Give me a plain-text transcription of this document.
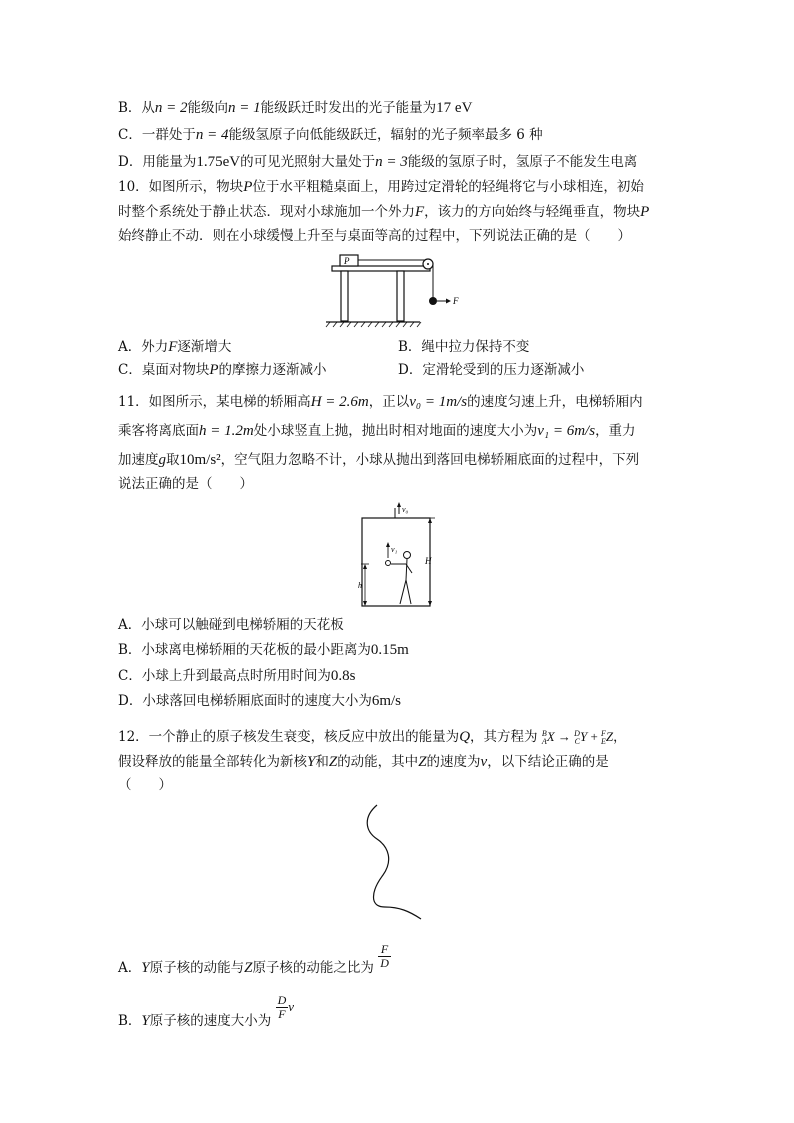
B．从n = 2能级向n = 1能级跃迁时发出的光子能量为17 eV
C．一群处于n = 4能级氢原子向低能级跃迁，辐射的光子频率最多 6 种
D．用能量为1.75eV的可见光照射大量处于n = 3能级的氢原子时，氢原子不能发生电离
10．如图所示，物块P位于水平粗糙桌面上，用跨过定滑轮的轻绳将它与小球相连，初始
时整个系统处于静止状态．现对小球施加一个外力F，该力的方向始终与轻绳垂直，物块P
始终静止不动．则在小球缓慢上升至与桌面等高的过程中，下列说法正确的是（　　）
P
F
A．外力F逐渐增大	B．绳中拉力保持不变
C．桌面对物块P的摩擦力逐渐减小	D．定滑轮受到的压力逐渐减小
11．如图所示，某电梯的轿厢高H = 2.6m，正以v₀ = 1m/s的速度匀速上升，电梯轿厢内
乘客将离底面h = 1.2m处小球竖直上抛，抛出时相对地面的速度大小为v₁ = 6m/s，重力
加速度g取10m/s²，空气阻力忽略不计，小球从抛出到落回电梯轿厢底面的过程中，下列
说法正确的是（　　）
v₀
H
h
v₁
A．小球可以触碰到电梯轿厢的天花板
B．小球离电梯轿厢的天花板的最小距离为0.15m
C．小球上升到最高点时所用时间为0.8s
D．小球落回电梯轿厢底面时的速度大小为6m/s
12．一个静止的原子核发生衰变，核反应中放出的能量为Q，其方程为 B
A X → D
C Y + F
E Z，
假设释放的能量全部转化为新核Y和Z的动能，其中Z的速度为v，以下结论正确的是
（　　）
A．Y原子核的动能与Z原子核的动能之比为 $\frac{F}{D}$
B．Y原子核的速度大小为 $\frac{D}{F}$ v
